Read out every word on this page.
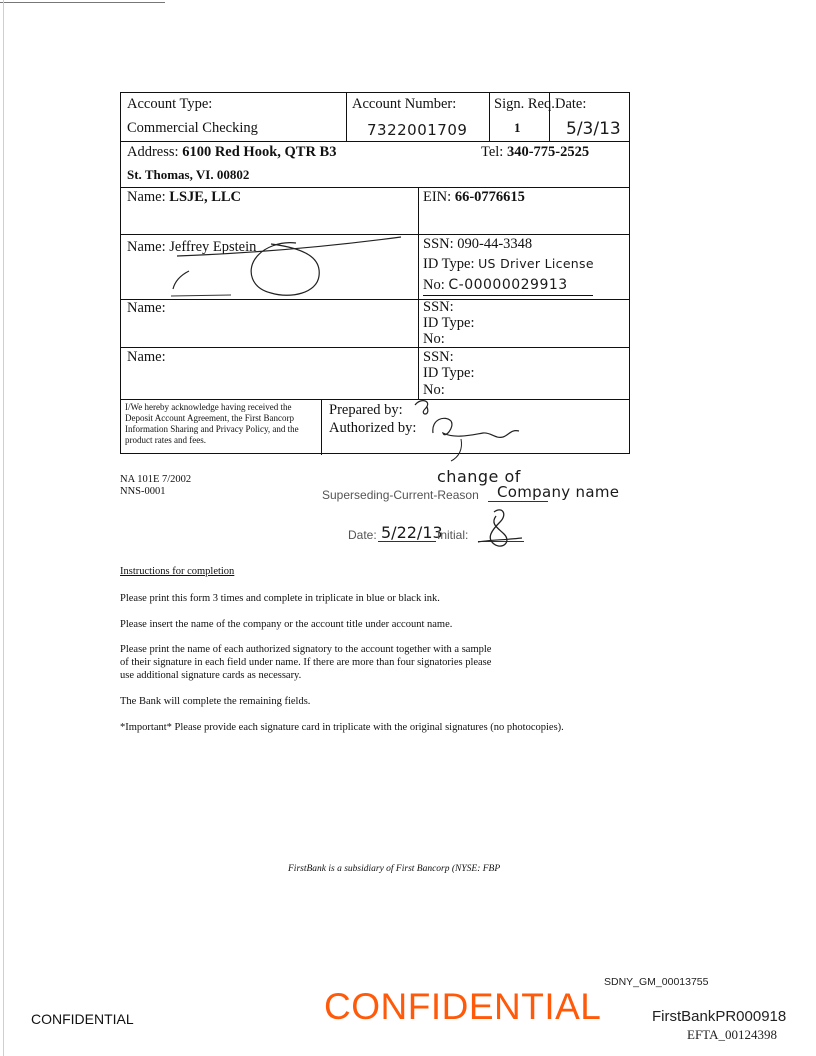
Account Type:
Commercial Checking
Account Number:
7322001709
Sign. Req.
1
Date:
5/3/13
Address: 6100 Red Hook, QTR B3
St. Thomas, VI. 00802
Tel: 340-775-2525
Name: LSJE, LLC	EIN: 66-0776615
Name: Jeffrey Epstein	SSN: 090-44-3348
ID Type: US Driver License
No: C-00000029913
Name:	SSN:
ID Type:
No:
Name:	SSN:
ID Type:
No:
I/We hereby acknowledge having received the Deposit Account Agreement, the First Bancorp Information Sharing and Privacy Policy, and the product rates and fees.
Prepared by:
Authorized by:
NA 101E 7/2002
NNS-0001
change of
Superseding-Current-Reason Company name
Date: 5/22/13
Initial:
Instructions for completion
Please print this form 3 times and complete in triplicate in blue or black ink.
Please insert the name of the company or the account title under account name.
Please print the name of each authorized signatory to the account together with a sample
of their signature in each field under name. If there are more than four signatories please
use additional signature cards as necessary.
The Bank will complete the remaining fields.
*Important* Please provide each signature card in triplicate with the original signatures (no photocopies).
FirstBank is a subsidiary of First Bancorp (NYSE: FBP
CONFIDENTIAL	CONFIDENTIAL
SDNY_GM_00013755
FirstBankPR000918
EFTA_00124398
